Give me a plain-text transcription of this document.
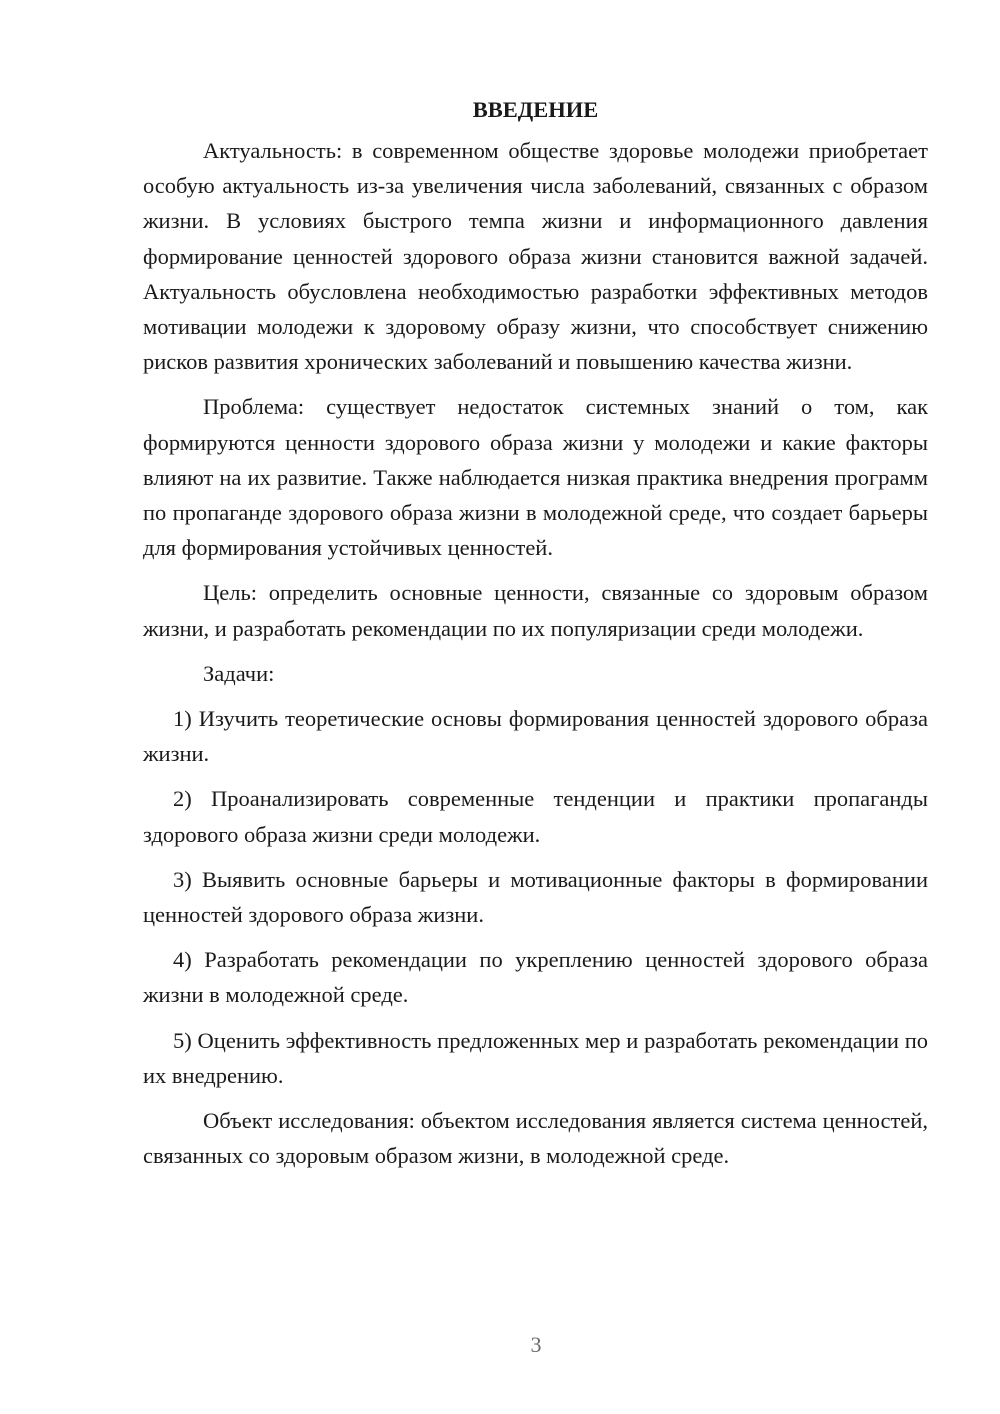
ВВЕДЕНИЕ

Актуальность: в современном обществе здоровье молодежи приобретает особую актуальность из-за увеличения числа заболеваний, связанных с образом жизни. В условиях быстрого темпа жизни и информационного давления формирование ценностей здорового образа жизни становится важной задачей. Актуальность обусловлена необходимостью разработки эффективных методов мотивации молодежи к здоровому образу жизни, что способствует снижению рисков развития хронических заболеваний и повышению качества жизни.

Проблема: существует недостаток системных знаний о том, как формируются ценности здорового образа жизни у молодежи и какие факторы влияют на их развитие. Также наблюдается низкая практика внедрения программ по пропаганде здорового образа жизни в молодежной среде, что создает барьеры для формирования устойчивых ценностей.

Цель: определить основные ценности, связанные со здоровым образом жизни, и разработать рекомендации по их популяризации среди молодежи.

Задачи:

1) Изучить теоретические основы формирования ценностей здорового образа жизни.

2) Проанализировать современные тенденции и практики пропаганды здорового образа жизни среди молодежи.

3) Выявить основные барьеры и мотивационные факторы в формировании ценностей здорового образа жизни.

4) Разработать рекомендации по укреплению ценностей здорового образа жизни в молодежной среде.

5) Оценить эффективность предложенных мер и разработать рекомендации по их внедрению.

Объект исследования: объектом исследования является система ценностей, связанных со здоровым образом жизни, в молодежной среде.

3
